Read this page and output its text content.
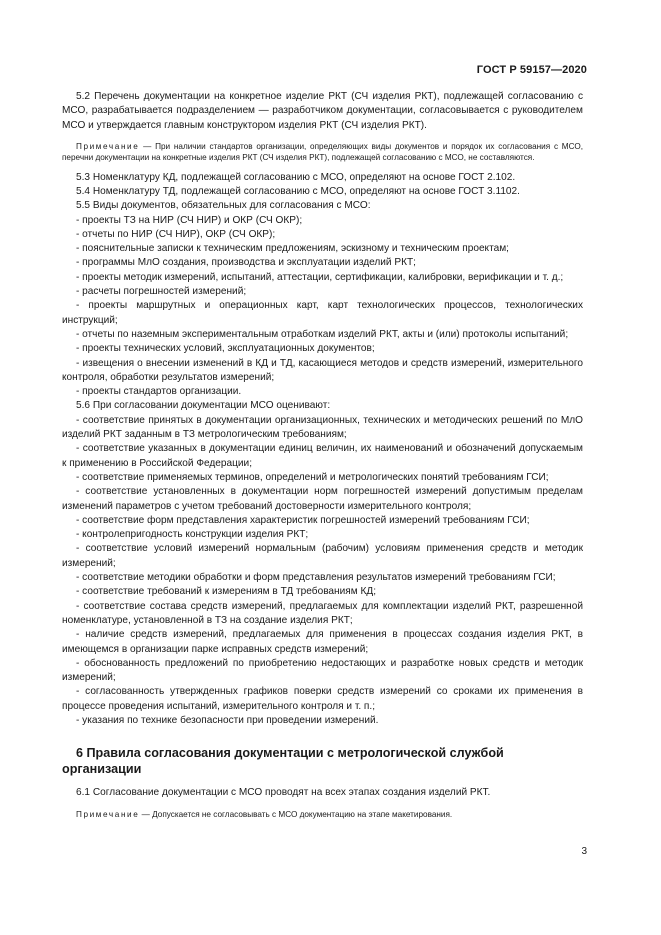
ГОСТ Р 59157—2020

5.2 Перечень документации на конкретное изделие РКТ (СЧ изделия РКТ), подлежащей согласованию с МСО, разрабатывается подразделением — разработчиком документации, согласовывается с руководителем МСО и утверждается главным конструктором изделия РКТ (СЧ изделия РКТ).

Примечание — При наличии стандартов организации, определяющих виды документов и порядок их согласования с МСО, перечни документации на конкретные изделия РКТ (СЧ изделия РКТ), подлежащей согласованию с МСО, не составляются.

5.3 Номенклатуру КД, подлежащей согласованию с МСО, определяют на основе ГОСТ 2.102.

5.4 Номенклатуру ТД, подлежащей согласованию с МСО, определяют на основе ГОСТ 3.1102.

5.5 Виды документов, обязательных для согласования с МСО:

- проекты ТЗ на НИР (СЧ НИР) и ОКР (СЧ ОКР);

- отчеты по НИР (СЧ НИР), ОКР (СЧ ОКР);

- пояснительные записки к техническим предложениям, эскизному и техническим проектам;

- программы МлО создания, производства и эксплуатации изделий РКТ;

- проекты методик измерений, испытаний, аттестации, сертификации, калибровки, верификации и т. д.;

- расчеты погрешностей измерений;

- проекты маршрутных и операционных карт, карт технологических процессов, технологических инструкций;

- отчеты по наземным экспериментальным отработкам изделий РКТ, акты и (или) протоколы испытаний;

- проекты технических условий, эксплуатационных документов;

- извещения о внесении изменений в КД и ТД, касающиеся методов и средств измерений, измерительного контроля, обработки результатов измерений;

- проекты стандартов организации.

5.6 При согласовании документации МСО оценивают:

- соответствие принятых в документации организационных, технических и методических решений по МлО изделий РКТ заданным в ТЗ метрологическим требованиям;

- соответствие указанных в документации единиц величин, их наименований и обозначений допускаемым к применению в Российской Федерации;

- соответствие применяемых терминов, определений и метрологических понятий требованиям ГСИ;

- соответствие установленных в документации норм погрешностей измерений допустимым пределам изменений параметров с учетом требований достоверности измерительного контроля;

- соответствие форм представления характеристик погрешностей измерений требованиям ГСИ;

- контролепригодность конструкции изделия РКТ;

- соответствие условий измерений нормальным (рабочим) условиям применения средств и методик измерений;

- соответствие методики обработки и форм представления результатов измерений требованиям ГСИ;

- соответствие требований к измерениям в ТД требованиям КД;

- соответствие состава средств измерений, предлагаемых для комплектации изделий РКТ, разрешенной номенклатуре, установленной в ТЗ на создание изделия РКТ;

- наличие средств измерений, предлагаемых для применения в процессах создания изделия РКТ, в имеющемся в организации парке исправных средств измерений;

- обоснованность предложений по приобретению недостающих и разработке новых средств и методик измерений;

- согласованность утвержденных графиков поверки средств измерений со сроками их применения в процессе проведения испытаний, измерительного контроля и т. п.;

- указания по технике безопасности при проведении измерений.

6 Правила согласования документации с метрологической службой организации

6.1 Согласование документации с МСО проводят на всех этапах создания изделий РКТ.

Примечание — Допускается не согласовывать с МСО документацию на этапе макетирования.

3
